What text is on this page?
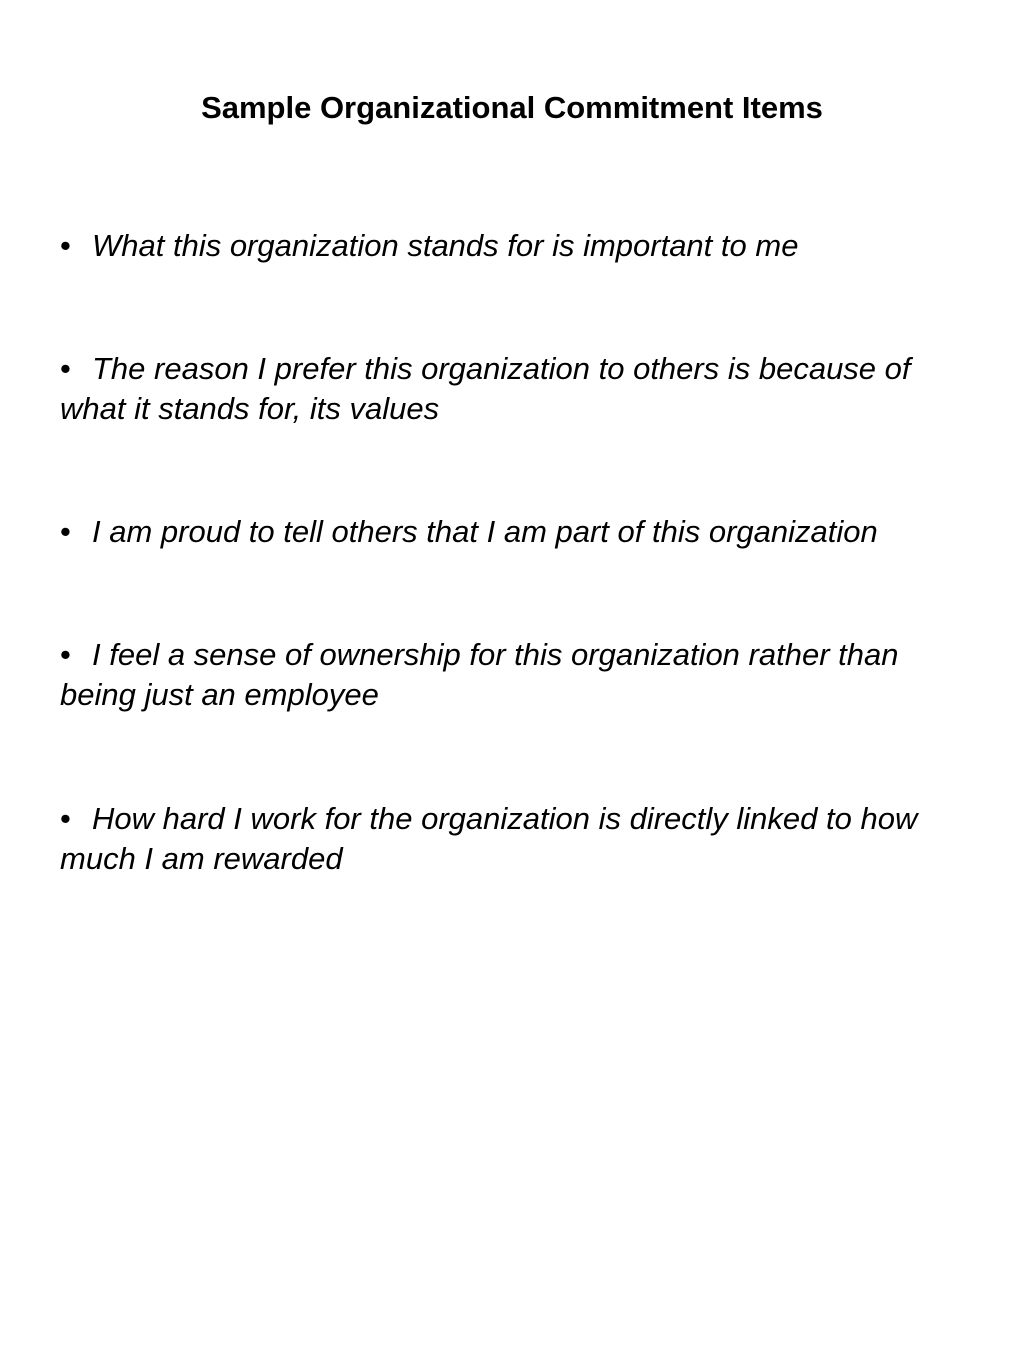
Sample Organizational Commitment Items

• What this organization stands for is important to me

• The reason I prefer this organization to others is because of what it stands for, its values

• I am proud to tell others that I am part of this organization

• I feel a sense of ownership for this organization rather than being just an employee

• How hard I work for the organization is directly linked to how much I am rewarded
